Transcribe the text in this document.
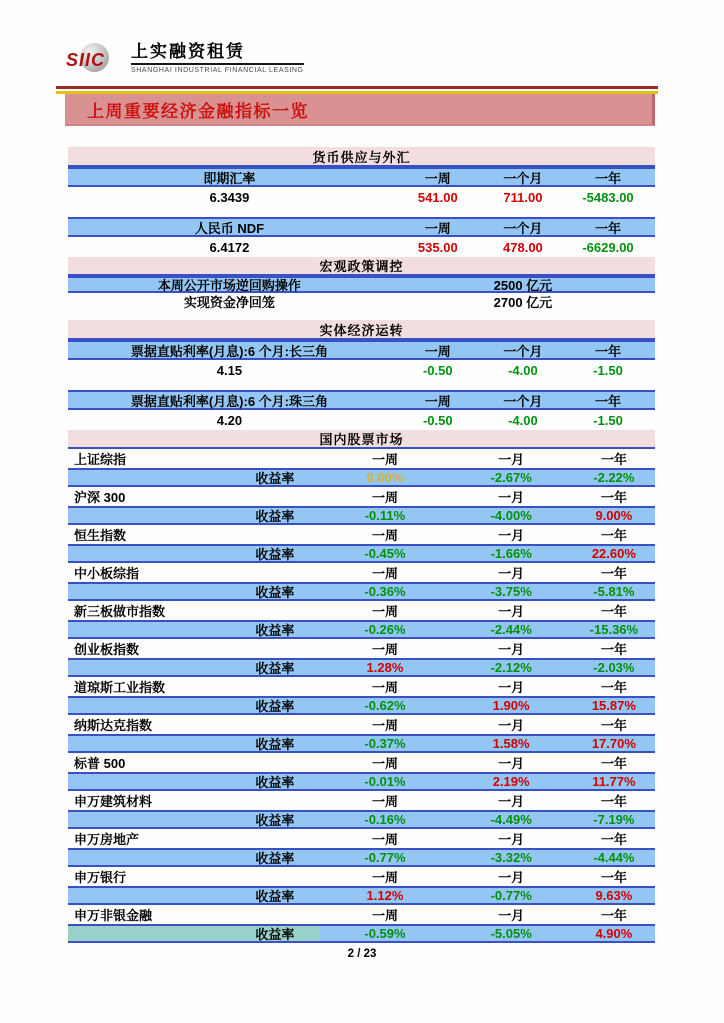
SIIC 上实融资租赁
SHANGHAI INDUSTRIAL FINANCIAL LEASING
上周重要经济金融指标一览
货币供应与外汇
即期汇率	一周	一个月	一年
6.3439	541.00	711.00	-5483.00
人民币 NDF	一周	一个月	一年
6.4172	535.00	478.00	-6629.00
宏观政策调控
本周公开市场逆回购操作	2500 亿元
实现资金净回笼	2700 亿元
实体经济运转
票据直贴利率(月息):6 个月:长三角	一周	一个月	一年
4.15	-0.50	-4.00	-1.50
票据直贴利率(月息):6 个月:珠三角	一周	一个月	一年
4.20	-0.50	-4.00	-1.50
国内股票市场
上证综指	一周	一月	一年
收益率	0.00%	-2.67%	-2.22%
沪深 300	一周	一月	一年
收益率	-0.11%	-4.00%	9.00%
恒生指数	一周	一月	一年
收益率	-0.45%	-1.66%	22.60%
中小板综指	一周	一月	一年
收益率	-0.36%	-3.75%	-5.81%
新三板做市指数	一周	一月	一年
收益率	-0.26%	-2.44%	-15.36%
创业板指数	一周	一月	一年
收益率	1.28%	-2.12%	-2.03%
道琼斯工业指数	一周	一月	一年
收益率	-0.62%	1.90%	15.87%
纳斯达克指数	一周	一月	一年
收益率	-0.37%	1.58%	17.70%
标普 500	一周	一月	一年
收益率	-0.01%	2.19%	11.77%
申万建筑材料	一周	一月	一年
收益率	-0.16%	-4.49%	-7.19%
申万房地产	一周	一月	一年
收益率	-0.77%	-3.32%	-4.44%
申万银行	一周	一月	一年
收益率	1.12%	-0.77%	9.63%
申万非银金融	一周	一月	一年
收益率	-0.59%	-5.05%	4.90%
2 / 23
